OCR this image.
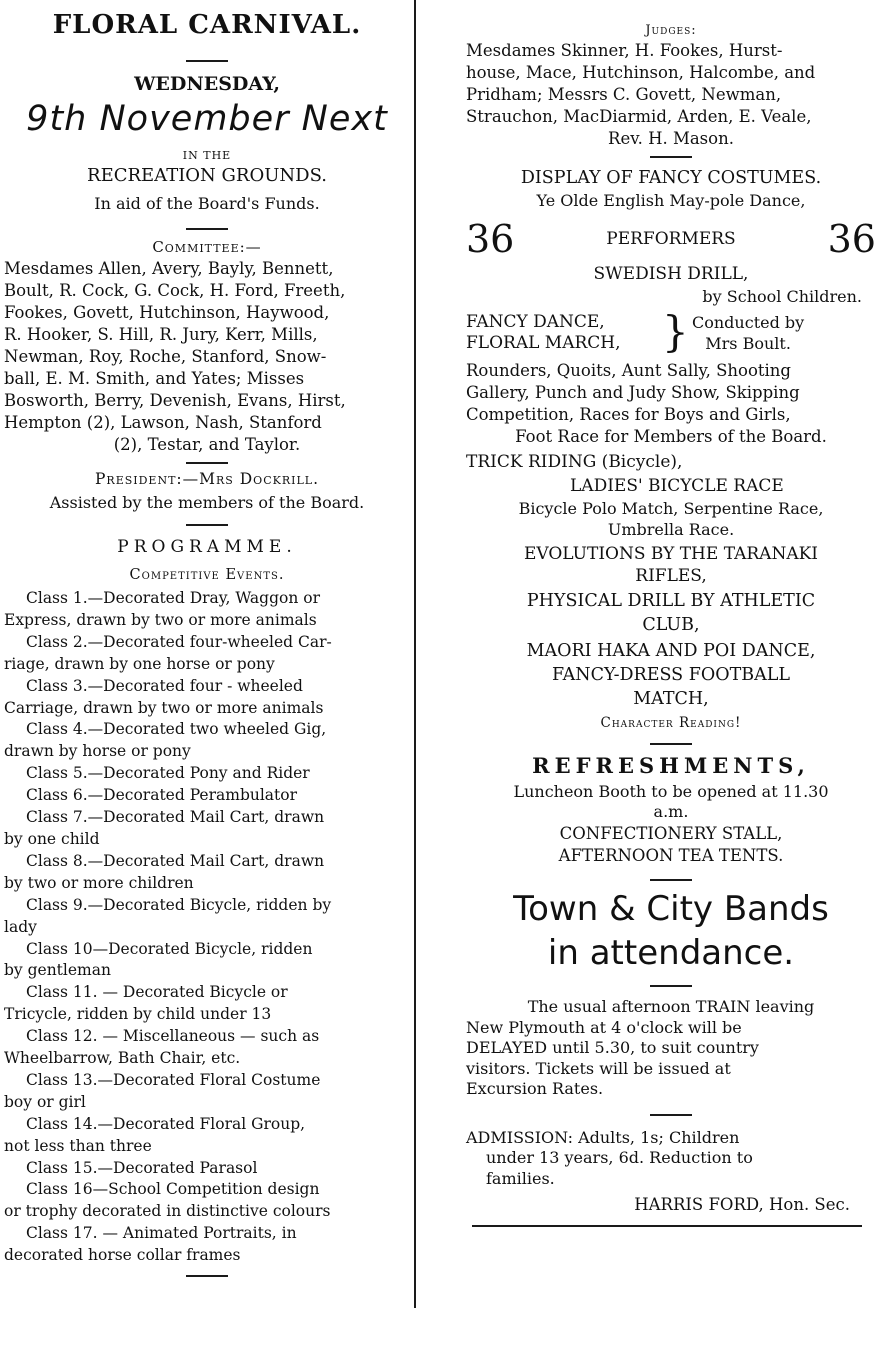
FLORAL CARNIVAL.
WEDNESDAY,
9th November Next
IN THE
RECREATION GROUNDS.
In aid of the Board's Funds.
Committee:—
Mesdames Allen, Avery, Bayly, Bennett,
Boult, R. Cock, G. Cock, H. Ford, Freeth,
Fookes, Govett, Hutchinson, Haywood,
R. Hooker, S. Hill, R. Jury, Kerr, Mills,
Newman, Roy, Roche, Stanford, Snow-
ball, E. M. Smith, and Yates; Misses
Bosworth, Berry, Devenish, Evans, Hirst,
Hempton (2), Lawson, Nash, Stanford
(2), Testar, and Taylor.
President:—Mrs Dockrill.
Assisted by the members of the Board.
PROGRAMME.
Competitive Events.
Class 1.—Decorated Dray, Waggon or
Express, drawn by two or more animals
Class 2.—Decorated four-wheeled Car-
riage, drawn by one horse or pony
Class 3.—Decorated four - wheeled
Carriage, drawn by two or more animals
Class 4.—Decorated two wheeled Gig,
drawn by horse or pony
Class 5.—Decorated Pony and Rider
Class 6.—Decorated Perambulator
Class 7.—Decorated Mail Cart, drawn
by one child
Class 8.—Decorated Mail Cart, drawn
by two or more children
Class 9.—Decorated Bicycle, ridden by
lady
Class 10—Decorated Bicycle, ridden
by gentleman
Class 11. — Decorated Bicycle or
Tricycle, ridden by child under 13
Class 12. — Miscellaneous — such as
Wheelbarrow, Bath Chair, etc.
Class 13.—Decorated Floral Costume
boy or girl
Class 14.—Decorated Floral Group,
not less than three
Class 15.—Decorated Parasol
Class 16—School Competition design
or trophy decorated in distinctive colours
Class 17. — Animated Portraits, in
decorated horse collar frames
Judges:
Mesdames Skinner, H. Fookes, Hurst-
house, Mace, Hutchinson, Halcombe, and
Pridham; Messrs C. Govett, Newman,
Strauchon, MacDiarmid, Arden, E. Veale,
Rev. H. Mason.
DISPLAY OF FANCY COSTUMES.
Ye Olde English May-pole Dance,
36	PERFORMERS 36
SWEDISH DRILL,
by School Children.
FANCY DANCE,
FLORAL MARCH, } Conducted by
Mrs Boult.
Rounders, Quoits, Aunt Sally, Shooting
Gallery, Punch and Judy Show, Skipping
Competition, Races for Boys and Girls,
Foot Race for Members of the Board.
TRICK RIDING (Bicycle),
LADIES' BICYCLE RACE
Bicycle Polo Match, Serpentine Race,
Umbrella Race.
EVOLUTIONS BY THE TARANAKI
RIFLES,
PHYSICAL DRILL BY ATHLETIC
CLUB,
MAORI HAKA AND POI DANCE,
FANCY-DRESS FOOTBALL
MATCH,
Character Reading!
REFRESHMENTS,
Luncheon Booth to be opened at 11.30
a.m.
CONFECTIONERY STALL,
AFTERNOON TEA TENTS.
Town & City Bands
in attendance.
The usual afternoon TRAIN leaving
New Plymouth at 4 o'clock will be
DELAYED until 5.30, to suit country
visitors. Tickets will be issued at
Excursion Rates.
ADMISSION: Adults, 1s; Children
under 13 years, 6d. Reduction to
families.
HARRIS FORD, Hon. Sec.
